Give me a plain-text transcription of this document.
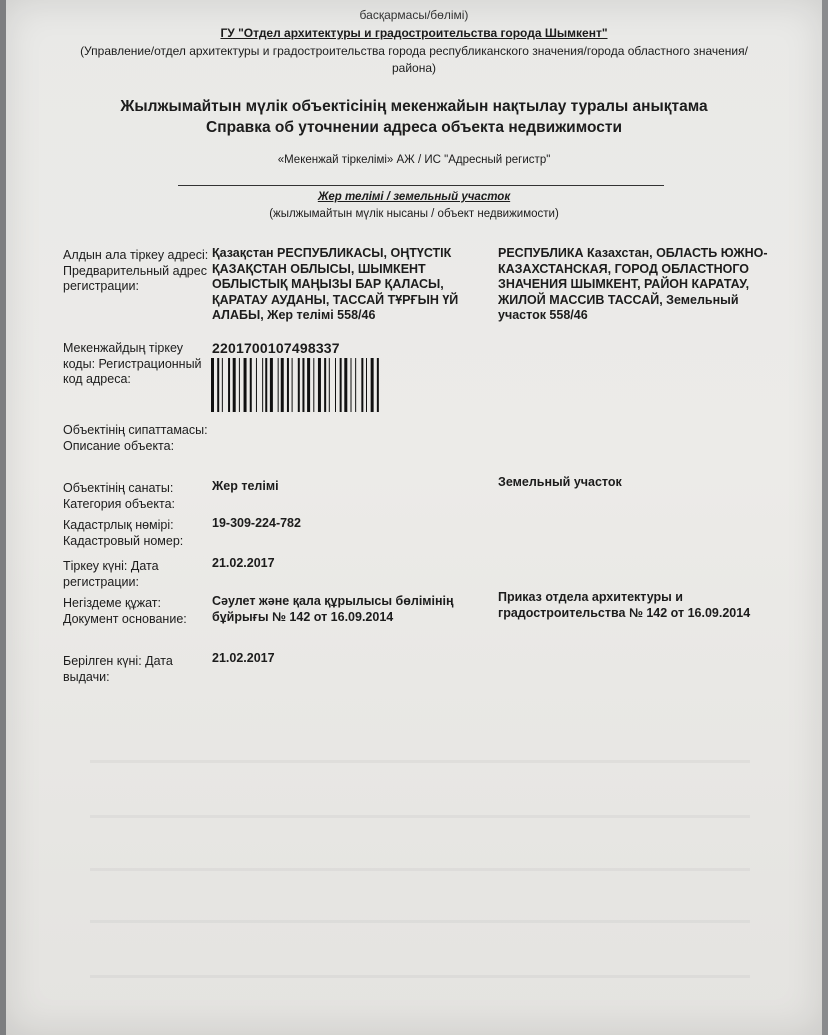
басқармасы/бөлімі)
ГУ "Отдел архитектуры и градостроительства города Шымкент"
(Управление/отдел архитектуры и градостроительства города республиканского значения/города областного значения/района)
Жылжымайтын мүлік объектісінің мекенжайын нақтылау туралы анықтама
Справка об уточнении адреса объекта недвижимости
«Мекенжай тіркелімі» АЖ / ИС "Адресный регистр"
Жер телімі / земельный участок
(жылжымайтын мүлік нысаны / объект недвижимости)
Алдын ала тіркеу адресі: Предварительный адрес регистрации:
Қазақстан РЕСПУБЛИКАСЫ, ОҢТҮСТІК ҚАЗАҚСТАН ОБЛЫСЫ, ШЫМКЕНТ ОБЛЫСТЫҚ МАҢЫЗЫ БАР ҚАЛАСЫ, ҚАРАТАУ АУДАНЫ, ТАССАЙ ТҰРҒЫН ҮЙ АЛАБЫ, Жер телімі 558/46
РЕСПУБЛИКА Казахстан, ОБЛАСТЬ ЮЖНО-КАЗАХСТАНСКАЯ, ГОРОД ОБЛАСТНОГО ЗНАЧЕНИЯ ШЫМКЕНТ, РАЙОН КАРАТАУ, ЖИЛОЙ МАССИВ ТАССАЙ, Земельный участок 558/46
Мекенжайдың тіркеу коды: Регистрационный код адреса:
2201700107498337
Объектінің сипаттамасы: Описание объекта:
Объектінің санаты: Категория объекта:
Жер телімі	Земельный участок
Кадастрлық нөмірі: Кадастровый номер:
19-309-224-782
Тіркеу күні: Дата регистрации:
21.02.2017
Негіздеме құжат: Документ основание:
Сәулет және қала құрылысы бөлімінің бұйрығы № 142 от 16.09.2014
Приказ отдела архитектуры и градостроительства № 142 от 16.09.2014
Берілген күні: Дата выдачи:
21.02.2017
